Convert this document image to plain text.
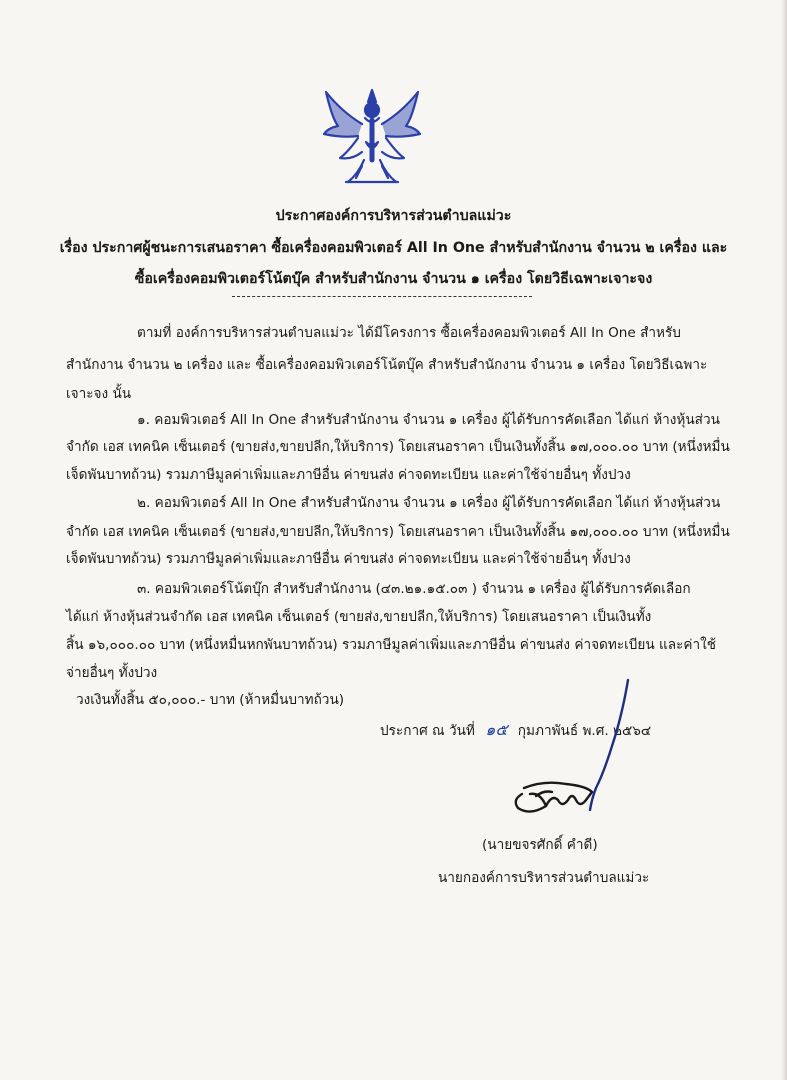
ประกาศองค์การบริหารส่วนตำบลแม่วะ
เรื่อง ประกาศผู้ชนะการเสนอราคา ซื้อเครื่องคอมพิวเตอร์ All In One สำหรับสำนักงาน จำนวน ๒ เครื่อง และ
ซื้อเครื่องคอมพิวเตอร์โน้ตบุ๊ค สำหรับสำนักงาน จำนวน ๑ เครื่อง โดยวิธีเฉพาะเจาะจง
ตามที่ องค์การบริหารส่วนตำบลแม่วะ ได้มีโครงการ ซื้อเครื่องคอมพิวเตอร์ All In One สำหรับ
สำนักงาน จำนวน ๒ เครื่อง และ ซื้อเครื่องคอมพิวเตอร์โน้ตบุ๊ค สำหรับสำนักงาน จำนวน ๑ เครื่อง โดยวิธีเฉพาะ
เจาะจง นั้น
๑. คอมพิวเตอร์ All In One สำหรับสำนักงาน จำนวน ๑ เครื่อง ผู้ได้รับการคัดเลือก ได้แก่ ห้างหุ้นส่วน
จำกัด เอส เทคนิค เซ็นเตอร์ (ขายส่ง,ขายปลีก,ให้บริการ) โดยเสนอราคา เป็นเงินทั้งสิ้น ๑๗,๐๐๐.๐๐ บาท (หนึ่งหมื่น
เจ็ดพันบาทถ้วน) รวมภาษีมูลค่าเพิ่มและภาษีอื่น ค่าขนส่ง ค่าจดทะเบียน และค่าใช้จ่ายอื่นๆ ทั้งปวง
๒. คอมพิวเตอร์ All In One สำหรับสำนักงาน จำนวน ๑ เครื่อง ผู้ได้รับการคัดเลือก ได้แก่ ห้างหุ้นส่วน
จำกัด เอส เทคนิค เซ็นเตอร์ (ขายส่ง,ขายปลีก,ให้บริการ) โดยเสนอราคา เป็นเงินทั้งสิ้น ๑๗,๐๐๐.๐๐ บาท (หนึ่งหมื่น
เจ็ดพันบาทถ้วน) รวมภาษีมูลค่าเพิ่มและภาษีอื่น ค่าขนส่ง ค่าจดทะเบียน และค่าใช้จ่ายอื่นๆ ทั้งปวง
๓. คอมพิวเตอร์โน้ตบุ๊ก สำหรับสำนักงาน (๔๓.๒๑.๑๕.๐๓ ) จำนวน ๑ เครื่อง ผู้ได้รับการคัดเลือก
ได้แก่ ห้างหุ้นส่วนจำกัด เอส เทคนิค เซ็นเตอร์ (ขายส่ง,ขายปลีก,ให้บริการ) โดยเสนอราคา เป็นเงินทั้ง
สิ้น ๑๖,๐๐๐.๐๐ บาท (หนึ่งหมื่นหกพันบาทถ้วน) รวมภาษีมูลค่าเพิ่มและภาษีอื่น ค่าขนส่ง ค่าจดทะเบียน และค่าใช้
จ่ายอื่นๆ ทั้งปวง
วงเงินทั้งสิ้น ๕๐,๐๐๐.- บาท (ห้าหมื่นบาทถ้วน)
ประกาศ ณ วันที่ ๑๕ กุมภาพันธ์ พ.ศ. ๒๕๖๔
(นายขจรศักดิ์ คำดี)
นายกองค์การบริหารส่วนตำบลแม่วะ
